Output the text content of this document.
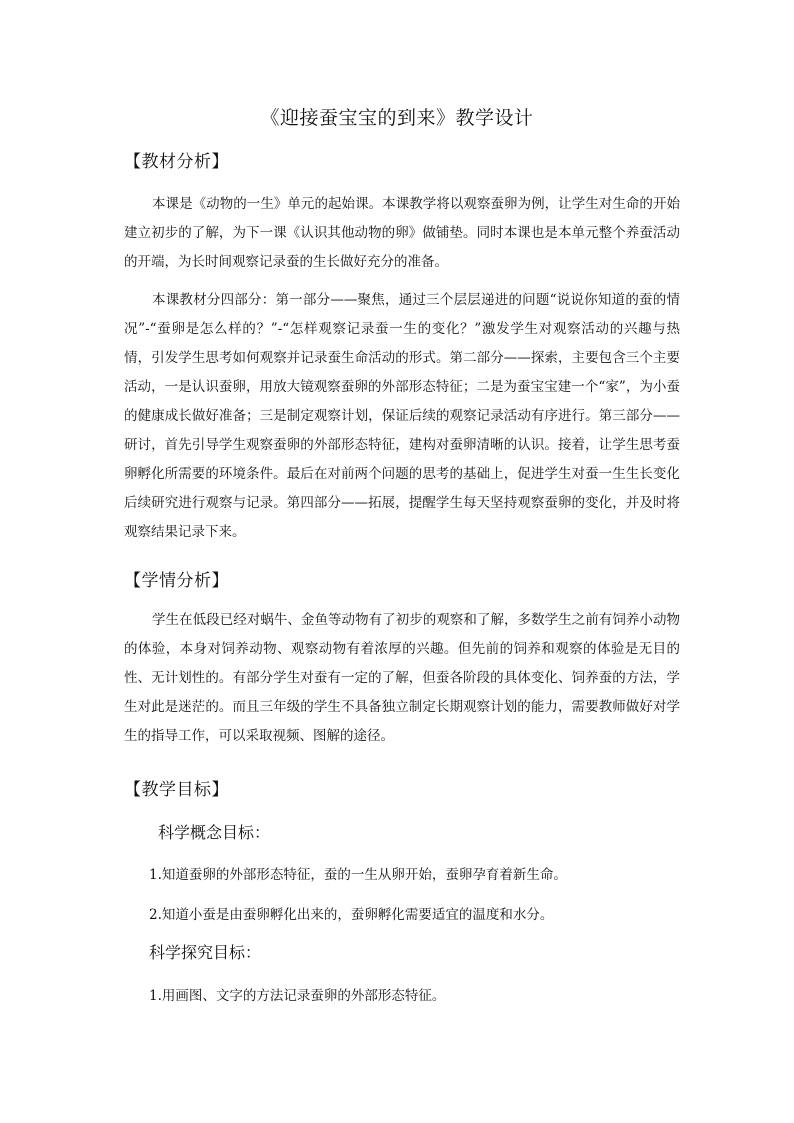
《迎接蚕宝宝的到来》教学设计
【教材分析】
本课是《动物的一生》单元的起始课。本课教学将以观察蚕卵为例，让学生对生命的开始建立初步的了解，为下一课《认识其他动物的卵》做铺垫。同时本课也是本单元整个养蚕活动的开端，为长时间观察记录蚕的生长做好充分的准备。
本课教材分四部分：第一部分——聚焦，通过三个层层递进的问题“说说你知道的蚕的情况”-“蚕卵是怎么样的？”-“怎样观察记录蚕一生的变化？”激发学生对观察活动的兴趣与热情，引发学生思考如何观察并记录蚕生命活动的形式。第二部分——探索，主要包含三个主要活动，一是认识蚕卵，用放大镜观察蚕卵的外部形态特征；二是为蚕宝宝建一个“家”，为小蚕的健康成长做好准备；三是制定观察计划，保证后续的观察记录活动有序进行。第三部分——研讨，首先引导学生观察蚕卵的外部形态特征，建构对蚕卵清晰的认识。接着，让学生思考蚕卵孵化所需要的环境条件。最后在对前两个问题的思考的基础上，促进学生对蚕一生生长变化后续研究进行观察与记录。第四部分——拓展，提醒学生每天坚持观察蚕卵的变化，并及时将观察结果记录下来。
【学情分析】
学生在低段已经对蜗牛、金鱼等动物有了初步的观察和了解，多数学生之前有饲养小动物的体验，本身对饲养动物、观察动物有着浓厚的兴趣。但先前的饲养和观察的体验是无目的性、无计划性的。有部分学生对蚕有一定的了解，但蚕各阶段的具体变化、饲养蚕的方法，学生对此是迷茫的。而且三年级的学生不具备独立制定长期观察计划的能力，需要教师做好对学生的指导工作，可以采取视频、图解的途径。
【教学目标】
科学概念目标：
1.知道蚕卵的外部形态特征，蚕的一生从卵开始，蚕卵孕育着新生命。
2.知道小蚕是由蚕卵孵化出来的，蚕卵孵化需要适宜的温度和水分。
科学探究目标：
1.用画图、文字的方法记录蚕卵的外部形态特征。
